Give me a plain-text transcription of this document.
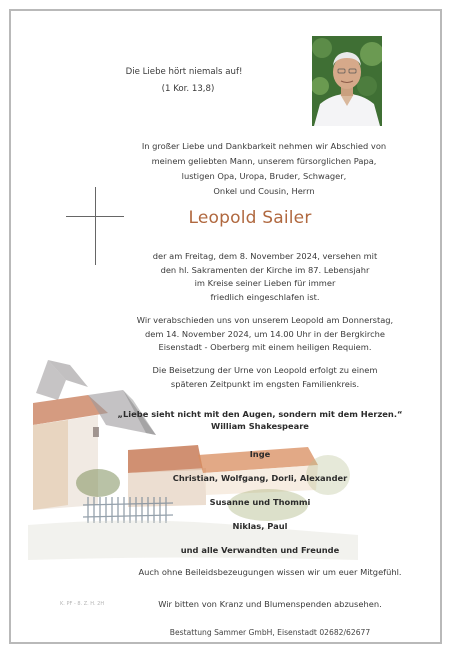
Die Liebe hört niemals auf!
(1 Kor. 13,8)
In großer Liebe und Dankbarkeit nehmen wir Abschied von
meinem geliebten Mann, unserem fürsorglichen Papa,
lustigen Opa, Uropa, Bruder, Schwager,
Onkel und Cousin, Herrn
Leopold Sailer
der am Freitag, dem 8. November 2024, versehen mit
den hl. Sakramenten der Kirche im 87. Lebensjahr
im Kreise seiner Lieben für immer
friedlich eingeschlafen ist.
Wir verabschieden uns von unserem Leopold am Donnerstag,
dem 14. November 2024, um 14.00 Uhr in der Bergkirche
Eisenstadt - Oberberg mit einem heiligen Requiem.
Die Beisetzung der Urne von Leopold erfolgt zu einem
späteren Zeitpunkt im engsten Familienkreis.
„Liebe sieht nicht mit den Augen, sondern mit dem Herzen.“
William Shakespeare
Inge
Christian, Wolfgang, Dorli, Alexander
Susanne und Thommi
Niklas, Paul
und alle Verwandten und Freunde
Auch ohne Beileidsbezeugungen wissen wir um euer Mitgefühl.
Wir bitten von Kranz und Blumenspenden abzusehen.
K. PF - 8. Z. H. 2H
Bestattung Sammer GmbH, Eisenstadt 02682/62677
